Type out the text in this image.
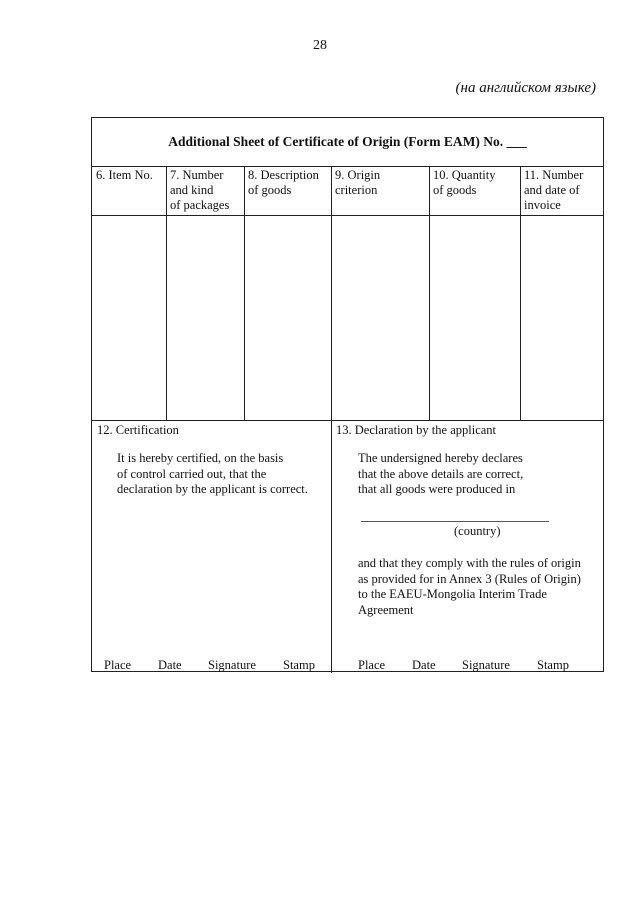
28
(на английском языке)
Additional Sheet of Certificate of Origin (Form EAM) No. ___
6. Item No.	7. Number
and kind
of packages
8. Description
of goods
9. Origin
criterion
10. Quantity
of goods
11. Number
and date of
invoice
12. Certification
It is hereby certified, on the basis
of control carried out, that the
declaration by the applicant is correct.
Place Date Signature Stamp
13. Declaration by the applicant
The undersigned hereby declares
that the above details are correct,
that all goods were produced in
(country)
and that they comply with the rules of origin
as provided for in Annex 3 (Rules of Origin)
to the EAEU-Mongolia Interim Trade
Agreement
Place Date Signature Stamp
